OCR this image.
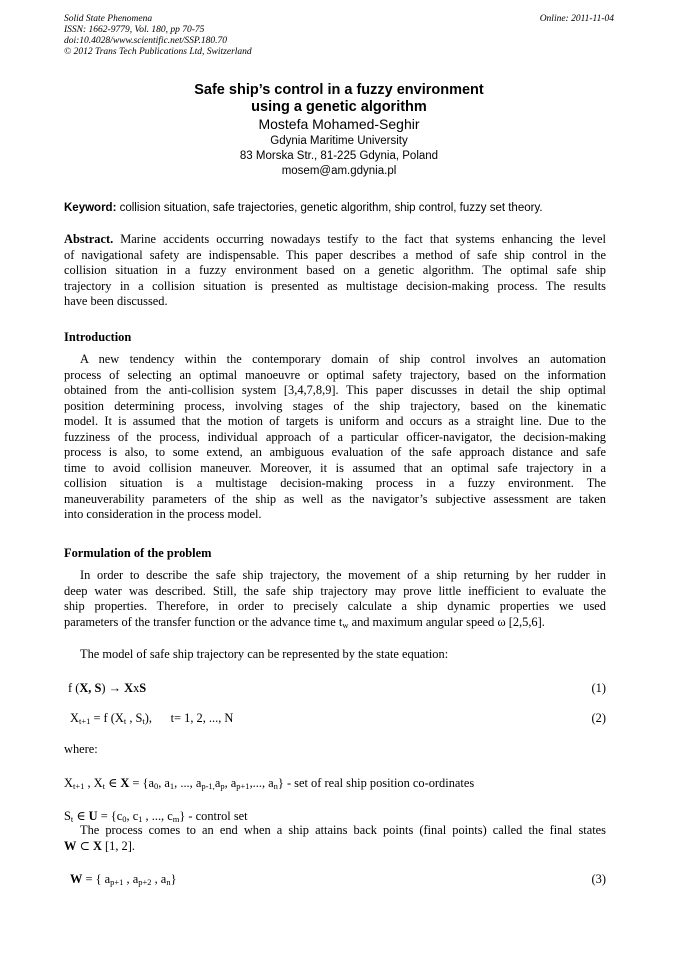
Solid State Phenomena
ISSN: 1662-9779, Vol. 180, pp 70-75
doi:10.4028/www.scientific.net/SSP.180.70
© 2012 Trans Tech Publications Ltd, Switzerland
Online: 2011-11-04
Safe ship’s control in a fuzzy environment
using a genetic algorithm
Mostefa Mohamed-Seghir
Gdynia Maritime University
83 Morska Str., 81-225 Gdynia, Poland
mosem@am.gdynia.pl
Keyword: collision situation, safe trajectories, genetic algorithm, ship control, fuzzy set theory.
Abstract. Marine accidents occurring nowadays testify to the fact that systems enhancing the level
of navigational safety are indispensable. This paper describes a method of safe ship control in the
collision situation in a fuzzy environment based on a genetic algorithm. The optimal safe ship
trajectory in a collision situation is presented as multistage decision-making process. The results
have been discussed.
Introduction
A new tendency within the contemporary domain of ship control involves an automation
process of selecting an optimal manoeuvre or optimal safety trajectory, based on the information
obtained from the anti-collision system [3,4,7,8,9]. This paper discusses in detail the ship optimal
position determining process, involving stages of the ship trajectory, based on the kinematic
model. It is assumed that the motion of targets is uniform and occurs as a straight line. Due to the
fuzziness of the process, individual approach of a particular officer-navigator, the decision-making
process is also, to some extend, an ambiguous evaluation of the safe approach distance and safe
time to avoid collision maneuver. Moreover, it is assumed that an optimal safe trajectory in a
collision situation is a multistage decision-making process in a fuzzy environment. The
maneuverability parameters of the ship as well as the navigator’s subjective assessment are taken
into consideration in the process model.
Formulation of the problem
In order to describe the safe ship trajectory, the movement of a ship returning by her rudder in
deep water was described. Still, the safe ship trajectory may prove little inefficient to evaluate the
ship properties. Therefore, in order to precisely calculate a ship dynamic properties we used
parameters of the transfer function or the advance time $t_w$ and maximum angular speed ω [2,5,6].
The model of safe ship trajectory can be represented by the state equation:
f (X, S) → XxS	(1)
$X_{t+1} = f$ ($X_t$ , $S_t$),      t= 1, 2, ..., N	(2)
where:
$X_{t+1}$ , $X_t$ ∈ $X = \{a_0$, $a_1$, ..., $a_{p-1,}a_p$, $a_{p+1}$,..., $a_n$} - set of real ship position co-ordinates
$S_t$ ∈ $U = \{c_0$, $c_1$ , ..., $c_m$} - control set
The process comes to an end when a ship attains back points (final points) called the final states
W ⊂ X [1, 2].
W = { $a_{p+1}$ , $a_{p+2}$ , $a_n$}	(3)
